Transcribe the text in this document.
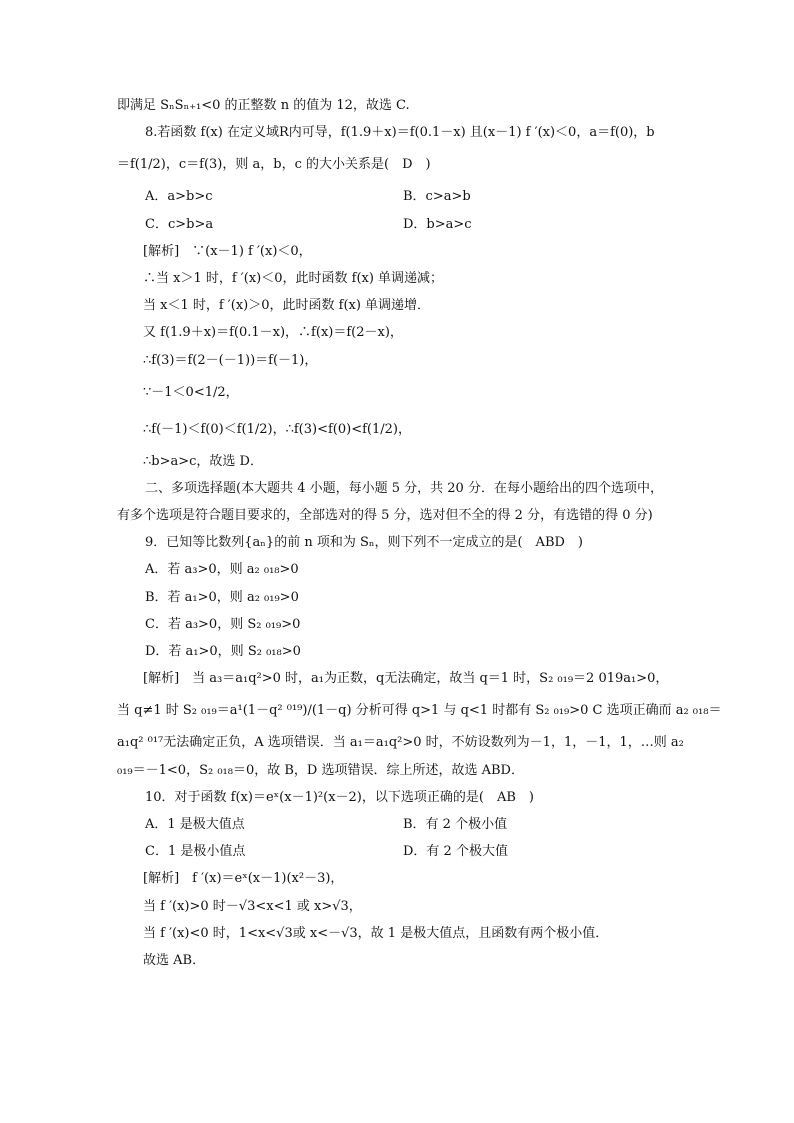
即满足 SₙSₙ₊₁<0 的正整数 n 的值为 12，故选 C.
8.若函数 f(x) 在定义域R内可导，f(1.9＋x)＝f(0.1－x) 且(x－1) f ′(x)＜0，a＝f(0)，b
＝f(1/2)，c＝f(3)，则 a，b，c 的大小关系是(　D　)
A．a>b>c	B．c>a>b
C．c>b>a	D．b>a>c
[解析]　∵(x－1) f ′(x)＜0，
∴当 x＞1 时，f ′(x)＜0，此时函数 f(x) 单调递减；
当 x＜1 时，f ′(x)＞0，此时函数 f(x) 单调递增．
又 f(1.9＋x)＝f(0.1－x)，∴f(x)＝f(2－x)，
∴f(3)＝f(2－(－1))＝f(－1)，
∵－1＜0<1/2，
∴f(－1)＜f(0)＜f(1/2)，∴f(3)<f(0)<f(1/2)，
∴b>a>c，故选 D．
二、多项选择题(本大题共 4 小题，每小题 5 分，共 20 分．在每小题给出的四个选项中，
有多个选项是符合题目要求的，全部选对的得 5 分，选对但不全的得 2 分，有选错的得 0 分)
9．已知等比数列{aₙ}的前 n 项和为 Sₙ，则下列不一定成立的是(　ABD　)
A．若 a₃>0，则 a₂ ₀₁₈>0
B．若 a₁>0，则 a₂ ₀₁₉>0
C．若 a₃>0，则 S₂ ₀₁₉>0
D．若 a₁>0，则 S₂ ₀₁₈>0
[解析]　当 a₃＝a₁q²>0 时，a₁为正数，q无法确定，故当 q＝1 时，S₂ ₀₁₉＝2 019a₁>0，
当 q≠1 时 S₂ ₀₁₉＝a¹(1－q² ⁰¹⁹)/(1－q) 分析可得 q>1 与 q<1 时都有 S₂ ₀₁₉>0 C 选项正确而 a₂ ₀₁₈＝
a₁q² ⁰¹⁷无法确定正负，A 选项错误．当 a₁＝a₁q²>0 时，不妨设数列为－1，1，－1，1，…则 a₂
₀₁₉＝－1<0，S₂ ₀₁₈＝0，故 B，D 选项错误．综上所述，故选 ABD．
10．对于函数 f(x)＝eˣ(x－1)²(x－2)，以下选项正确的是(　AB　)
A．1 是极大值点	B．有 2 个极小值
C．1 是极小值点	D．有 2 个极大值
[解析]　f ′(x)＝eˣ(x－1)(x²－3)，
当 f ′(x)>0 时－√3<x<1 或 x>√3，
当 f ′(x)<0 时，1<x<√3或 x<－√3，故 1 是极大值点，且函数有两个极小值．
故选 AB．
